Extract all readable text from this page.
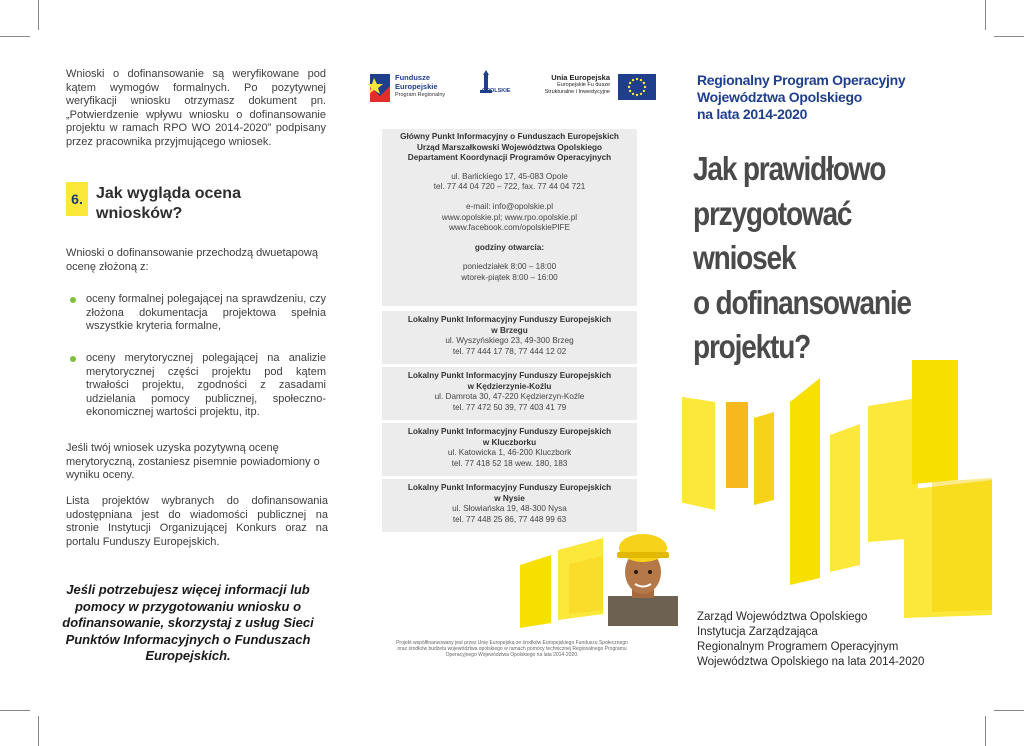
Wnioski o dofinansowanie są weryfikowane pod kątem wymogów formalnych. Po pozytywnej weryfikacji wniosku otrzymasz dokument pn. „Potwierdzenie wpływu wniosku o dofinansowanie projektu w ramach RPO WO 2014-2020” podpisany przez pracownika przyjmującego wniosek.

6. Jak wygląda ocena wniosków?

Wnioski o dofinansowanie przechodzą dwuetapową ocenę złożoną z:

oceny formalnej polegającej na sprawdzeniu, czy złożona dokumentacja projektowa spełnia wszystkie kryteria formalne,

oceny merytorycznej polegającej na analizie merytorycznej części projektu pod kątem trwałości projektu, zgodności z zasadami udzielania pomocy publicznej, społeczno-ekonomicznej wartości projektu, itp.

Jeśli twój wniosek uzyska pozytywną ocenę merytoryczną, zostaniesz pisemnie powiadomiony o wyniku oceny.

Lista projektów wybranych do dofinansowania udostępniana jest do wiadomości publicznej na stronie Instytucji Organizującej Konkurs oraz na portalu Funduszy Europejskich.

Jeśli potrzebujesz więcej informacji lub pomocy w przygotowaniu wniosku o dofinansowanie, skorzystaj z usług Sieci Punktów Informacyjnych o Funduszach Europejskich.
Fundusze
Europejskie
Program Regionalny
OPOLSKIE
Unia Europejska
Europejskie Fu dusze
Strukturalne i Inwestycyjne
Główny Punkt Informacyjny o Funduszach Europejskich
Urząd Marszałkowski Województwa Opolskiego
Departament Koordynacji Programów Operacyjnych
ul. Barlickiego 17, 45-083 Opole
tel. 77 44 04 720 – 722, fax. 77 44 04 721
e-mail: info@opolskie.pl
www.opolskie.pl; www.rpo.opolskie.pl
www.facebook.com/opolskiePIFE
godziny otwarcia:
poniedziałek 8:00 – 18:00
wtorek-piątek 8:00 – 16:00
Lokalny Punkt Informacyjny Funduszy Europejskich
w Brzegu
ul. Wyszyńskiego 23, 49-300 Brzeg
tel. 77 444 17 78, 77 444 12 02
Lokalny Punkt Informacyjny Funduszy Europejskich
w Kędzierzynie-Koźlu
ul. Damrota 30, 47-220 Kędzierzyn-Koźle
tel. 77 472 50 39, 77 403 41 79
Lokalny Punkt Informacyjny Funduszy Europejskich
w Kluczborku
ul. Katowicka 1, 46-200 Kluczbork
tel. 77 418 52 18 wew. 180, 183
Lokalny Punkt Informacyjny Funduszy Europejskich
w Nysie
ul. Słowiańska 19, 48-300 Nysa
tel. 77 448 25 86, 77 448 99 63
Projekt współfinansowany jest przez Unię Europejską ze środków Europejskiego Funduszu Społecznego oraz środków budżetu województwa opolskiego w ramach pomocy technicznej Regionalnego Programu Operacyjnego Województwa Opolskiego na lata 2014-2020.
Regionalny Program Operacyjny
Województwa Opolskiego
na lata 2014-2020
Jak prawidłowo
przygotować
wniosek
o dofinansowanie
projektu?
Zarząd Województwa Opolskiego
Instytucja Zarządzająca
Regionalnym Programem Operacyjnym
Województwa Opolskiego na lata 2014-2020
